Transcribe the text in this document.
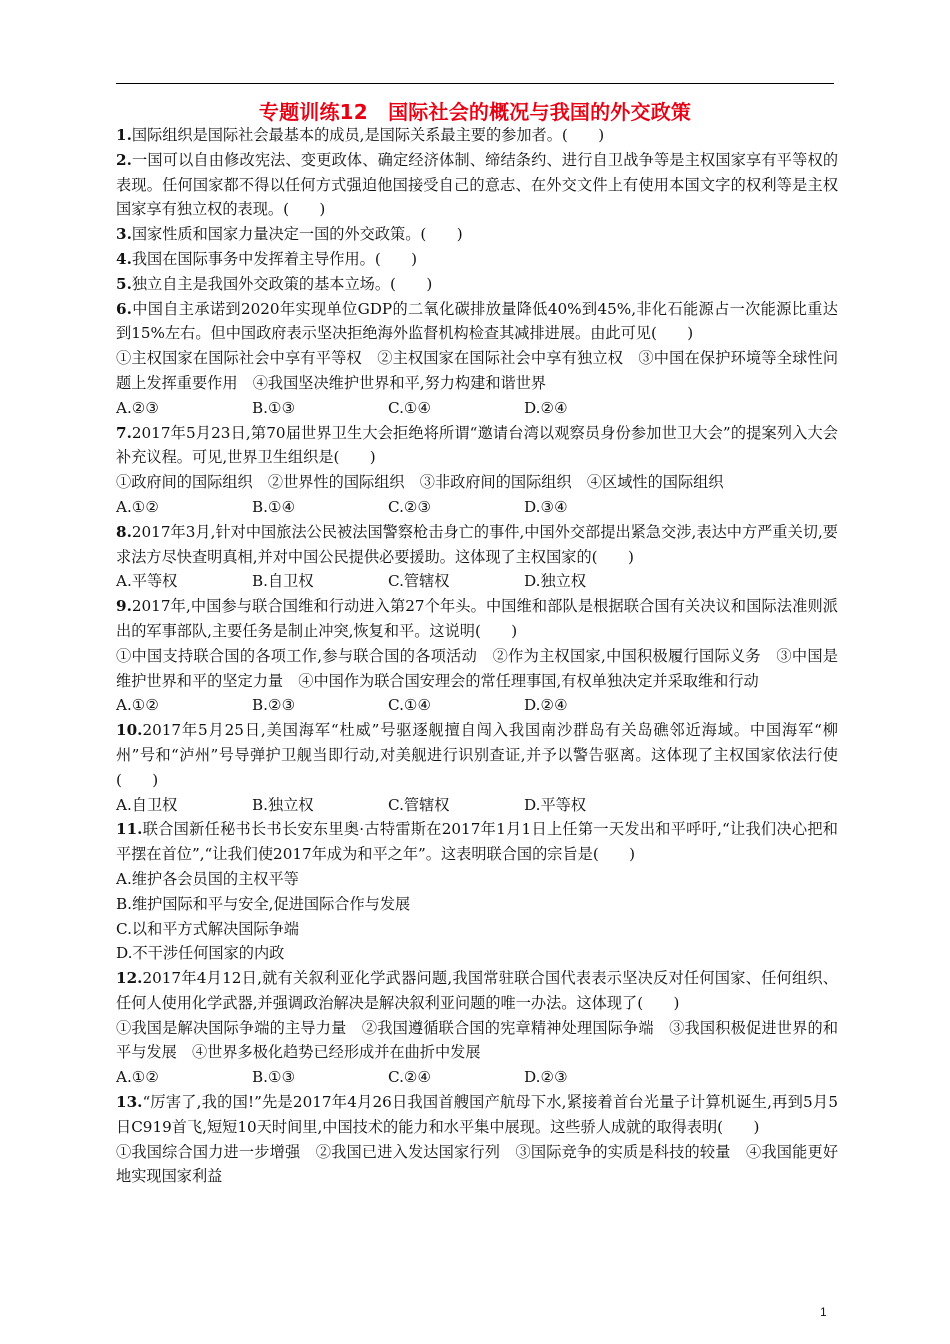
专题训练12　国际社会的概况与我国的外交政策
1.国际组织是国际社会最基本的成员,是国际关系最主要的参加者。(　　)
2.一国可以自由修改宪法、变更政体、确定经济体制、缔结条约、进行自卫战争等是主权国家享有平等权的表现。任何国家都不得以任何方式强迫他国接受自己的意志、在外交文件上有使用本国文字的权利等是主权国家享有独立权的表现。(　　)
3.国家性质和国家力量决定一国的外交政策。(　　)
4.我国在国际事务中发挥着主导作用。(　　)
5.独立自主是我国外交政策的基本立场。(　　)
6.中国自主承诺到2020年实现单位GDP的二氧化碳排放量降低40%到45%,非化石能源占一次能源比重达到15%左右。但中国政府表示坚决拒绝海外监督机构检查其减排进展。由此可见(　　)
①主权国家在国际社会中享有平等权　②主权国家在国际社会中享有独立权　③中国在保护环境等全球性问题上发挥重要作用　④我国坚决维护世界和平,努力构建和谐世界
A.②③	B.①③	C.①④	D.②④
7.2017年5月23日,第70届世界卫生大会拒绝将所谓“邀请台湾以观察员身份参加世卫大会”的提案列入大会补充议程。可见,世界卫生组织是(　　)
①政府间的国际组织　②世界性的国际组织　③非政府间的国际组织　④区域性的国际组织
A.①②	B.①④	C.②③	D.③④
8.2017年3月,针对中国旅法公民被法国警察枪击身亡的事件,中国外交部提出紧急交涉,表达中方严重关切,要求法方尽快查明真相,并对中国公民提供必要援助。这体现了主权国家的(　　)
A.平等权	B.自卫权	C.管辖权	D.独立权
9.2017年,中国参与联合国维和行动进入第27个年头。中国维和部队是根据联合国有关决议和国际法准则派出的军事部队,主要任务是制止冲突,恢复和平。这说明(　　)
①中国支持联合国的各项工作,参与联合国的各项活动　②作为主权国家,中国积极履行国际义务　③中国是维护世界和平的坚定力量　④中国作为联合国安理会的常任理事国,有权单独决定并采取维和行动
A.①②	B.②③	C.①④	D.②④
10.2017年5月25日,美国海军“杜威”号驱逐舰擅自闯入我国南沙群岛有关岛礁邻近海域。中国海军“柳州”号和“泸州”号导弹护卫舰当即行动,对美舰进行识别查证,并予以警告驱离。这体现了主权国家依法行使(　　)
A.自卫权	B.独立权	C.管辖权	D.平等权
11.联合国新任秘书长书长安东里奥·古特雷斯在2017年1月1日上任第一天发出和平呼吁,“让我们决心把和平摆在首位”,“让我们使2017年成为和平之年”。这表明联合国的宗旨是(　　)
A.维护各会员国的主权平等
B.维护国际和平与安全,促进国际合作与发展
C.以和平方式解决国际争端
D.不干涉任何国家的内政
12.2017年4月12日,就有关叙利亚化学武器问题,我国常驻联合国代表表示坚决反对任何国家、任何组织、任何人使用化学武器,并强调政治解决是解决叙利亚问题的唯一办法。这体现了(　　)
①我国是解决国际争端的主导力量　②我国遵循联合国的宪章精神处理国际争端　③我国积极促进世界的和平与发展　④世界多极化趋势已经形成并在曲折中发展
A.①②	B.①③	C.②④	D.②③
13.“厉害了,我的国!”先是2017年4月26日我国首艘国产航母下水,紧接着首台光量子计算机诞生,再到5月5日C919首飞,短短10天时间里,中国技术的能力和水平集中展现。这些骄人成就的取得表明(　　)
①我国综合国力进一步增强　②我国已进入发达国家行列　③国际竞争的实质是科技的较量　④我国能更好地实现国家利益
1
